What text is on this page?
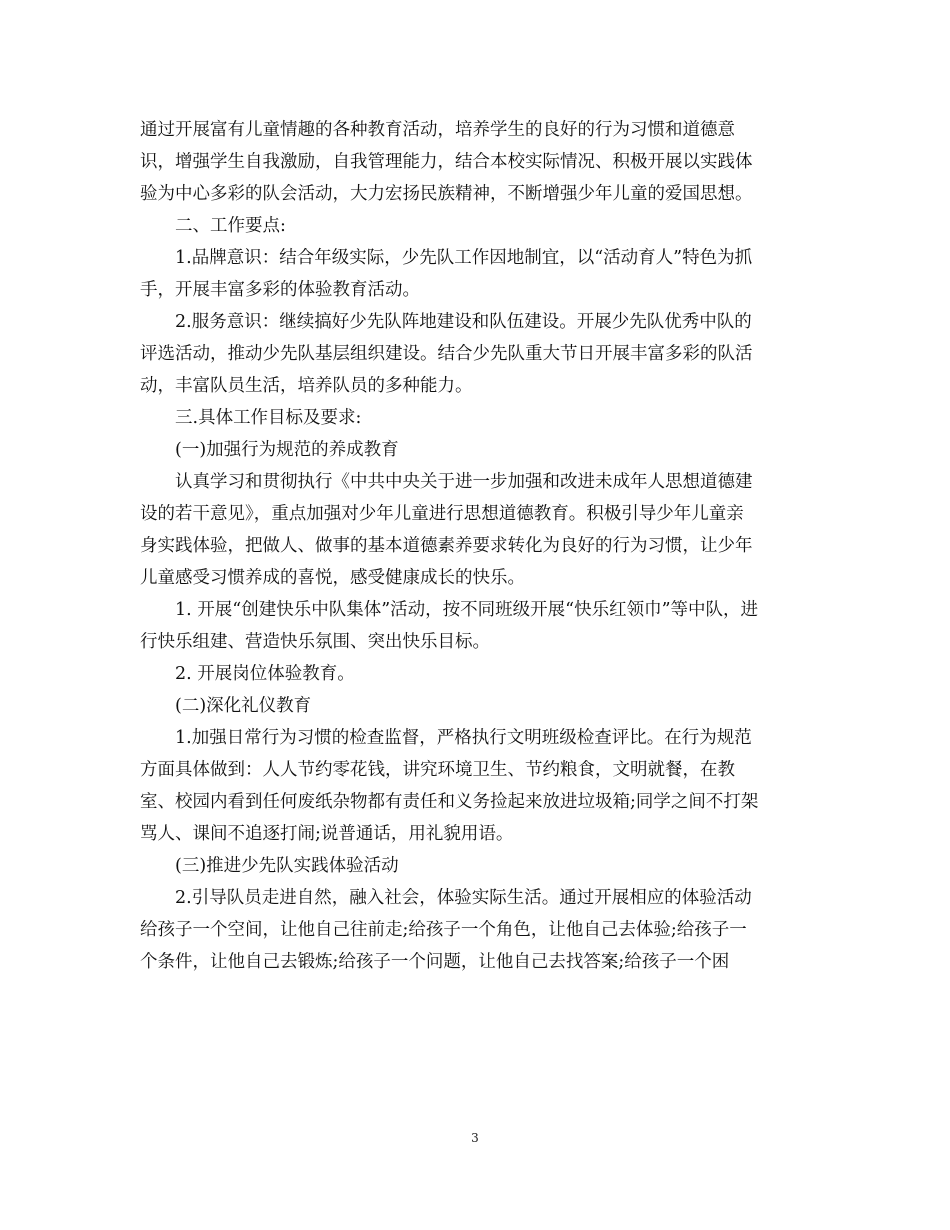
通过开展富有儿童情趣的各种教育活动，培养学生的良好的行为习惯和道德意
识，增强学生自我激励，自我管理能力，结合本校实际情况、积极开展以实践体
验为中心多彩的队会活动，大力宏扬民族精神，不断增强少年儿童的爱国思想。
二、工作要点:
1.品牌意识：结合年级实际，少先队工作因地制宜，以“活动育人”特色为抓
手，开展丰富多彩的体验教育活动。
2.服务意识：继续搞好少先队阵地建设和队伍建设。开展少先队优秀中队的
评选活动，推动少先队基层组织建设。结合少先队重大节日开展丰富多彩的队活
动，丰富队员生活，培养队员的多种能力。
三.具体工作目标及要求:
(一)加强行为规范的养成教育
认真学习和贯彻执行《中共中央关于进一步加强和改进未成年人思想道德建
设的若干意见》，重点加强对少年儿童进行思想道德教育。积极引导少年儿童亲
身实践体验，把做人、做事的基本道德素养要求转化为良好的行为习惯，让少年
儿童感受习惯养成的喜悦，感受健康成长的快乐。
1. 开展“创建快乐中队集体”活动，按不同班级开展“快乐红领巾”等中队，进
行快乐组建、营造快乐氛围、突出快乐目标。
2. 开展岗位体验教育。
(二)深化礼仪教育
1.加强日常行为习惯的检查监督，严格执行文明班级检查评比。在行为规范
方面具体做到：人人节约零花钱，讲究环境卫生、节约粮食，文明就餐，在教
室、校园内看到任何废纸杂物都有责任和义务捡起来放进垃圾箱;同学之间不打架
骂人、课间不追逐打闹;说普通话，用礼貌用语。
(三)推进少先队实践体验活动
2.引导队员走进自然，融入社会，体验实际生活。通过开展相应的体验活动
给孩子一个空间，让他自己往前走;给孩子一个角色，让他自己去体验;给孩子一
个条件，让他自己去锻炼;给孩子一个问题，让他自己去找答案;给孩子一个困
3
